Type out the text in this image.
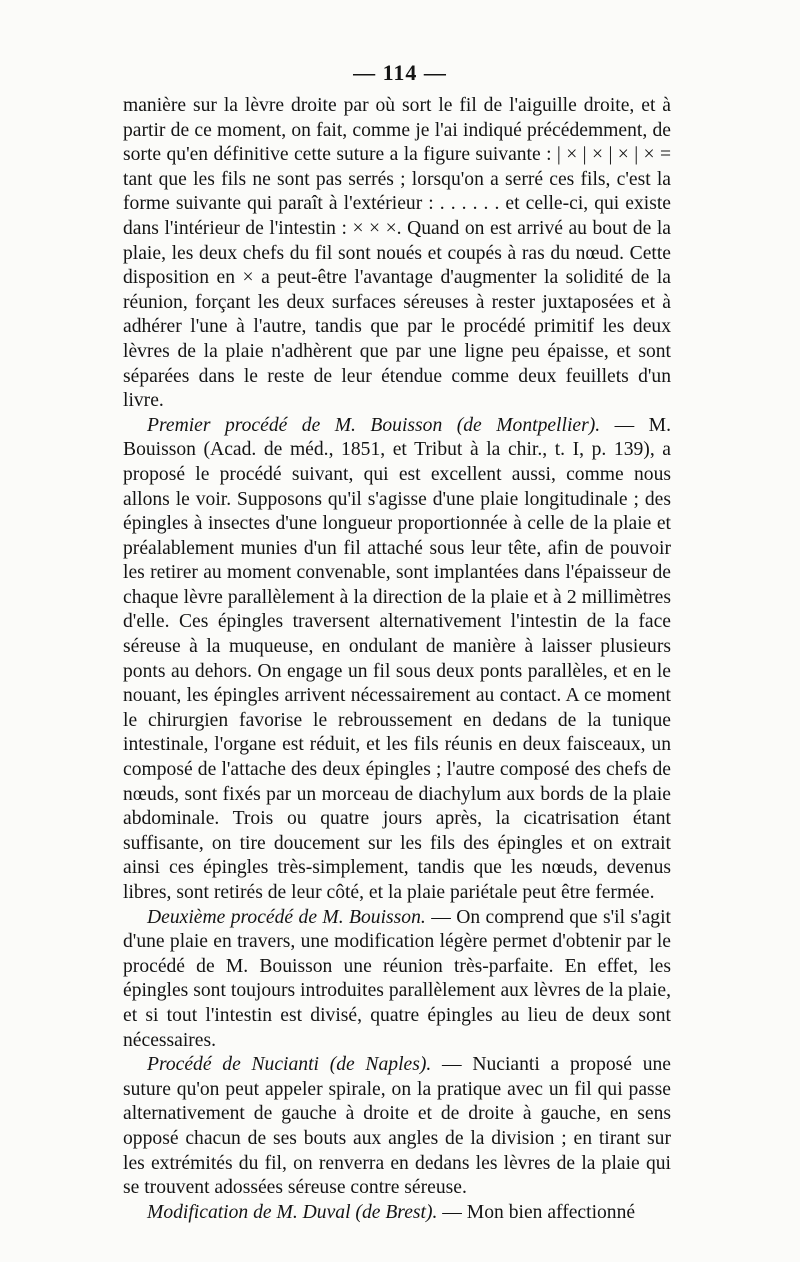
— 114 —

manière sur la lèvre droite par où sort le fil de l'aiguille droite, et à partir de ce moment, on fait, comme je l'ai indiqué précédemment, de sorte qu'en définitive cette suture a la figure suivante : | × | × | × | × = tant que les fils ne sont pas serrés ; lorsqu'on a serré ces fils, c'est la forme suivante qui paraît à l'extérieur : . . . . . . et celle-ci, qui existe dans l'intérieur de l'intestin : × × ×. Quand on est arrivé au bout de la plaie, les deux chefs du fil sont noués et coupés à ras du nœud. Cette disposition en × a peut-être l'avantage d'augmenter la solidité de la réunion, forçant les deux surfaces séreuses à rester juxtaposées et à adhérer l'une à l'autre, tandis que par le procédé primitif les deux lèvres de la plaie n'adhèrent que par une ligne peu épaisse, et sont séparées dans le reste de leur étendue comme deux feuillets d'un livre.

Premier procédé de M. Bouisson (de Montpellier). — M. Bouisson (Acad. de méd., 1851, et Tribut à la chir., t. I, p. 139), a proposé le procédé suivant, qui est excellent aussi, comme nous allons le voir. Supposons qu'il s'agisse d'une plaie longitudinale ; des épingles à insectes d'une longueur proportionnée à celle de la plaie et préalablement munies d'un fil attaché sous leur tête, afin de pouvoir les retirer au moment convenable, sont implantées dans l'épaisseur de chaque lèvre parallèlement à la direction de la plaie et à 2 millimètres d'elle. Ces épingles traversent alternativement l'intestin de la face séreuse à la muqueuse, en ondulant de manière à laisser plusieurs ponts au dehors. On engage un fil sous deux ponts parallèles, et en le nouant, les épingles arrivent nécessairement au contact. A ce moment le chirurgien favorise le rebroussement en dedans de la tunique intestinale, l'organe est réduit, et les fils réunis en deux faisceaux, un composé de l'attache des deux épingles ; l'autre composé des chefs de nœuds, sont fixés par un morceau de diachylum aux bords de la plaie abdominale. Trois ou quatre jours après, la cicatrisation étant suffisante, on tire doucement sur les fils des épingles et on extrait ainsi ces épingles très-simplement, tandis que les nœuds, devenus libres, sont retirés de leur côté, et la plaie pariétale peut être fermée.

Deuxième procédé de M. Bouisson. — On comprend que s'il s'agit d'une plaie en travers, une modification légère permet d'obtenir par le procédé de M. Bouisson une réunion très-parfaite. En effet, les épingles sont toujours introduites parallèlement aux lèvres de la plaie, et si tout l'intestin est divisé, quatre épingles au lieu de deux sont nécessaires.

Procédé de Nucianti (de Naples). — Nucianti a proposé une suture qu'on peut appeler spirale, on la pratique avec un fil qui passe alternativement de gauche à droite et de droite à gauche, en sens opposé chacun de ses bouts aux angles de la division ; en tirant sur les extrémités du fil, on renverra en dedans les lèvres de la plaie qui se trouvent adossées séreuse contre séreuse.

Modification de M. Duval (de Brest). — Mon bien affectionné
